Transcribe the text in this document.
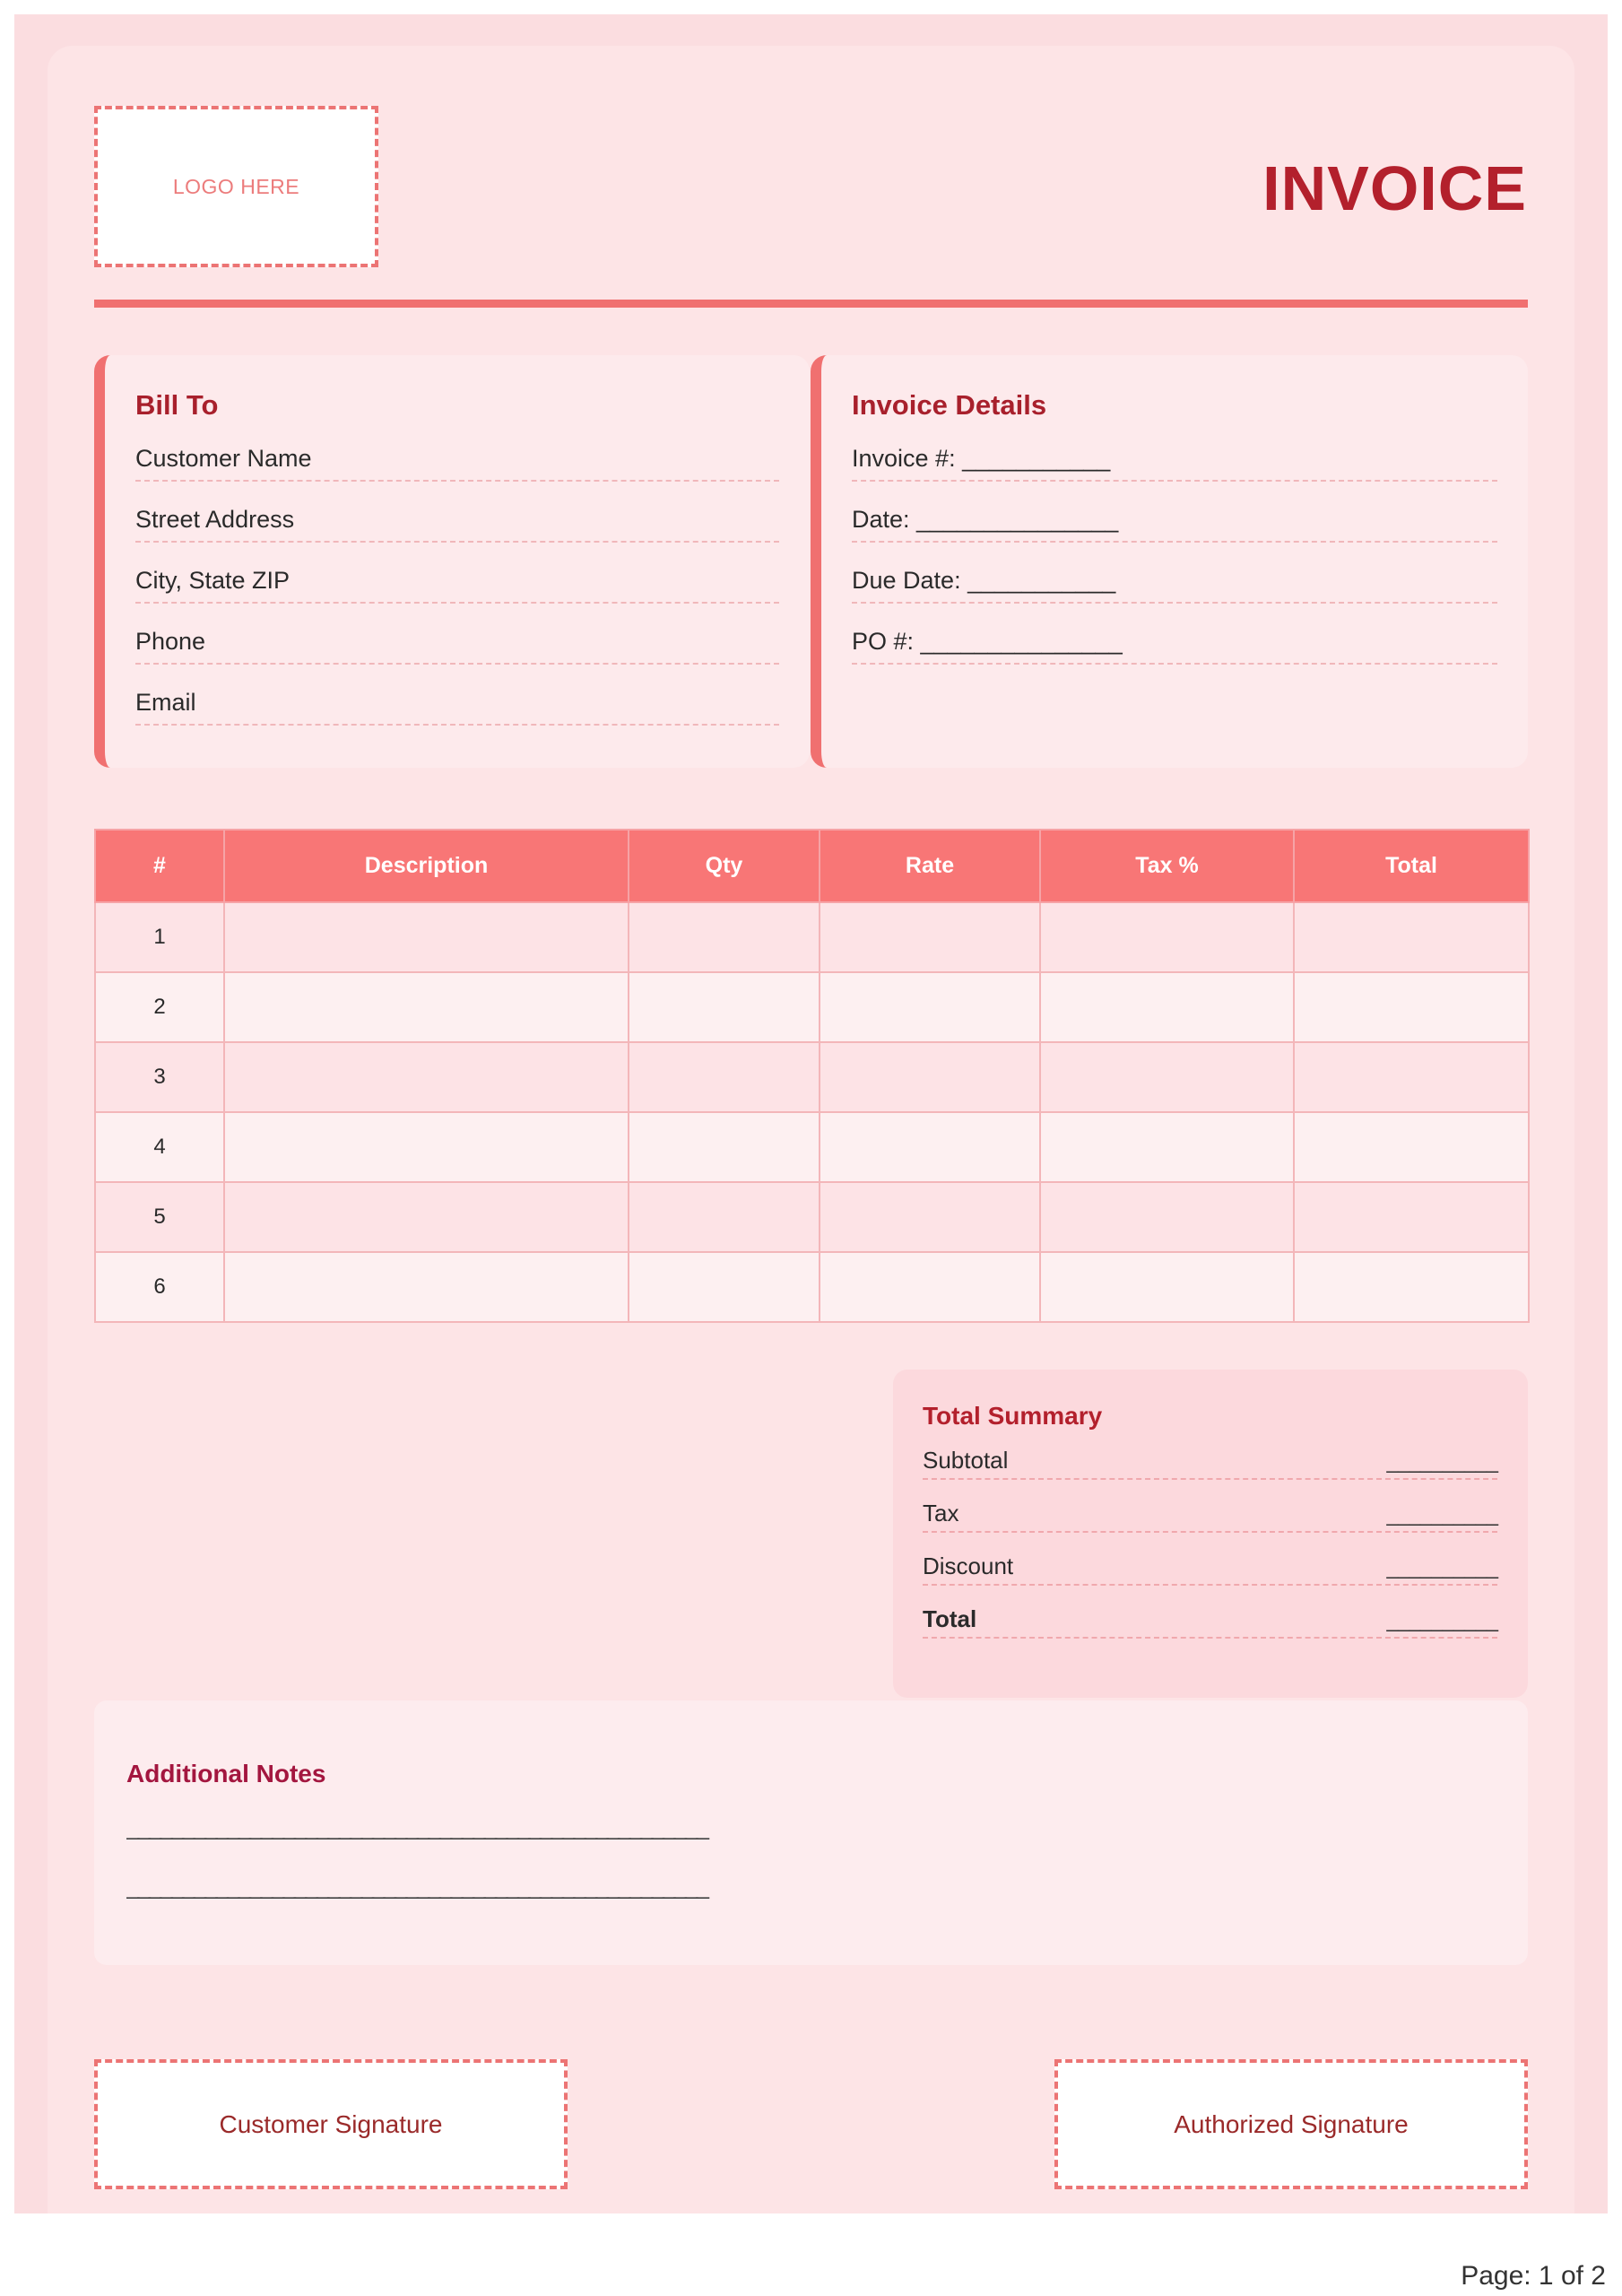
LOGO HERE	INVOICE
Bill To
Customer Name
Street Address
City, State ZIP
Phone
Email
Invoice Details
Invoice #: ___________
Date: _______________
Due Date: ___________
PO #: _______________
#	Description	Qty	Rate	Tax %	Total
1					
2					
3					
4					
5					
6					
Total Summary
Subtotal	__________
Tax	__________
Discount	__________
Total	__________
Additional Notes
____________________________________________________
____________________________________________________
Customer Signature	Authorized Signature
Page: 1 of 2
